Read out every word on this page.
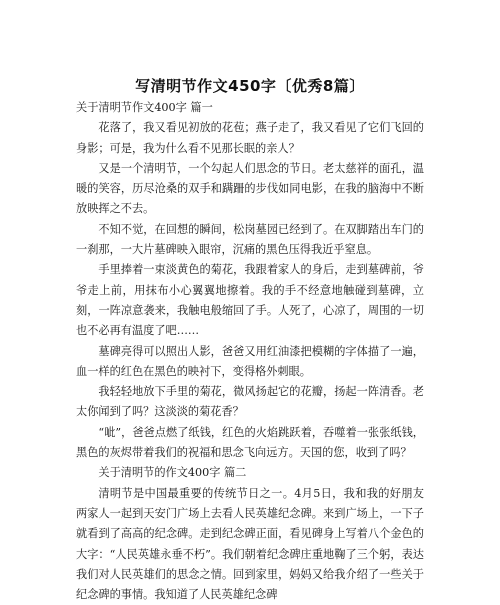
写清明节作文450字〔优秀8篇〕

关于清明节作文400字 篇一

花落了，我又看见初放的花苞；燕子走了，我又看见了它们飞回的身影；可是，我为什么看不见那长眠的亲人？

又是一个清明节，一个勾起人们思念的节日。老太慈祥的面孔，温暖的笑容，历尽沧桑的双手和蹒跚的步伐如同电影，在我的脑海中不断放映挥之不去。

不知不觉，在回想的瞬间，松岗墓园已经到了。在双脚踏出车门的一刹那，一大片墓碑映入眼帘，沉痛的黑色压得我近乎窒息。

手里捧着一束淡黄色的菊花，我跟着家人的身后，走到墓碑前，爷爷走上前，用抹布小心翼翼地擦着。我的手不经意地触碰到墓碑，立刻，一阵凉意袭来，我触电般缩回了手。人死了，心凉了，周围的一切也不必再有温度了吧……

墓碑亮得可以照出人影，爸爸又用红油漆把模糊的字体描了一遍，血一样的红色在黑色的映衬下，变得格外刺眼。

我轻轻地放下手里的菊花，微风扬起它的花瓣，扬起一阵清香。老太你闻到了吗？这淡淡的菊花香？

“呲”，爸爸点燃了纸钱，红色的火焰跳跃着，吞噬着一张张纸钱，黑色的灰烬带着我们的祝福和思念飞向远方。天国的您，收到了吗？

关于清明节的作文400字 篇二

清明节是中国最重要的传统节日之一。4月5日，我和我的好朋友两家人一起到天安门广场上去看人民英雄纪念碑。来到广场上，一下子就看到了高高的纪念碑。走到纪念碑正面，看见碑身上写着八个金色的大字：“人民英雄永垂不朽”。我们朝着纪念碑庄重地鞠了三个躬，表达我们对人民英雄们的思念之情。回到家里，妈妈又给我介绍了一些关于纪念碑的事情。我知道了人民英雄纪念碑
